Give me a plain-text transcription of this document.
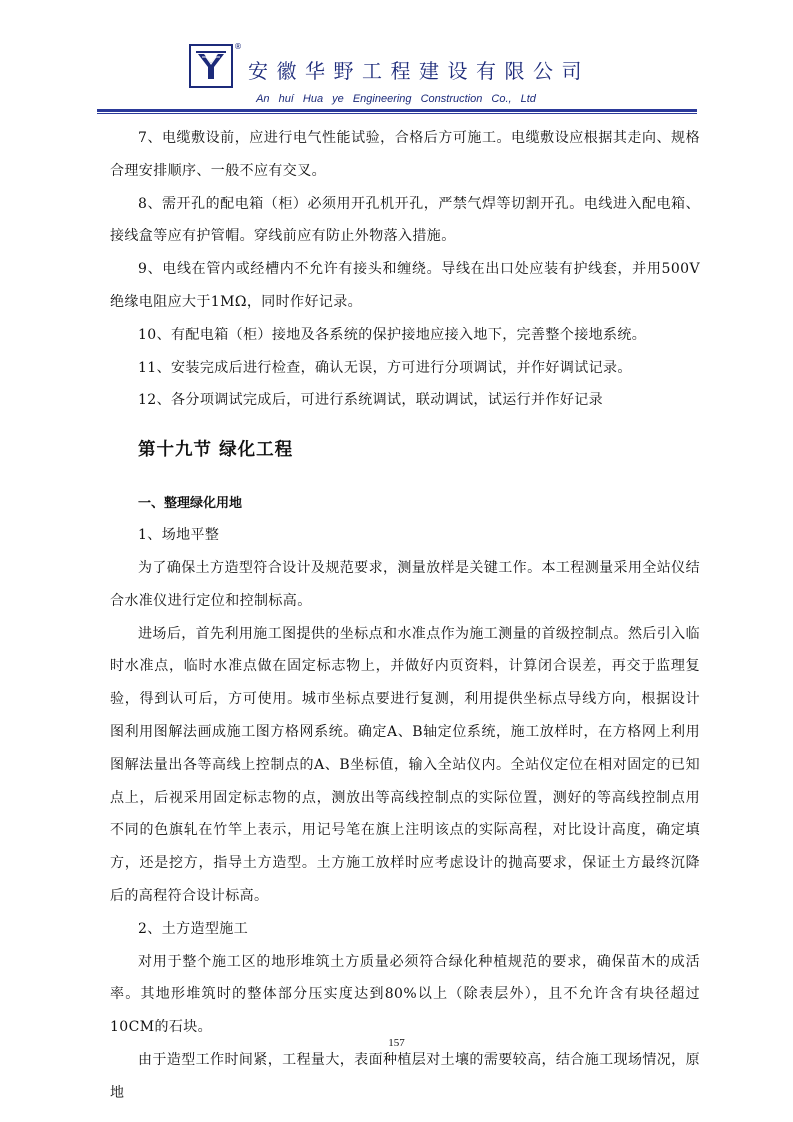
®
安徽华野工程建设有限公司
An huí Hua ye Engineering Construction Co., Ltd

7、电缆敷设前，应进行电气性能试验，合格后方可施工。电缆敷设应根据其走向、规格合理安排顺序、一般不应有交叉。

8、需开孔的配电箱（柜）必须用开孔机开孔，严禁气焊等切割开孔。电线进入配电箱、接线盒等应有护管帽。穿线前应有防止外物落入措施。

9、电线在管内或经槽内不允许有接头和缠绕。导线在出口处应装有护线套，并用500V绝缘电阻应大于1MΩ，同时作好记录。

10、有配电箱（柜）接地及各系统的保护接地应接入地下，完善整个接地系统。

11、安装完成后进行检查，确认无误，方可进行分项调试，并作好调试记录。

12、各分项调试完成后，可进行系统调试，联动调试，试运行并作好记录

第十九节 绿化工程
一、整理绿化用地

1、场地平整

为了确保土方造型符合设计及规范要求，测量放样是关键工作。本工程测量采用全站仪结合水准仪进行定位和控制标高。

进场后，首先利用施工图提供的坐标点和水准点作为施工测量的首级控制点。然后引入临时水准点，临时水准点做在固定标志物上，并做好内页资料，计算闭合误差，再交于监理复验，得到认可后，方可使用。城市坐标点要进行复测，利用提供坐标点导线方向，根据设计图利用图解法画成施工图方格网系统。确定A、B轴定位系统，施工放样时，在方格网上利用图解法量出各等高线上控制点的A、B坐标值，输入全站仪内。全站仪定位在相对固定的已知点上，后视采用固定标志物的点，测放出等高线控制点的实际位置，测好的等高线控制点用不同的色旗轧在竹竿上表示，用记号笔在旗上注明该点的实际高程，对比设计高度，确定填方，还是挖方，指导土方造型。土方施工放样时应考虑设计的抛高要求，保证土方最终沉降后的高程符合设计标高。

2、土方造型施工

对用于整个施工区的地形堆筑土方质量必须符合绿化种植规范的要求，确保苗木的成活率。其地形堆筑时的整体部分压实度达到80%以上（除表层外），且不允许含有块径超过10CM的石块。

由于造型工作时间紧，工程量大，表面种植层对土壤的需要较高，结合施工现场情况，原地

157
